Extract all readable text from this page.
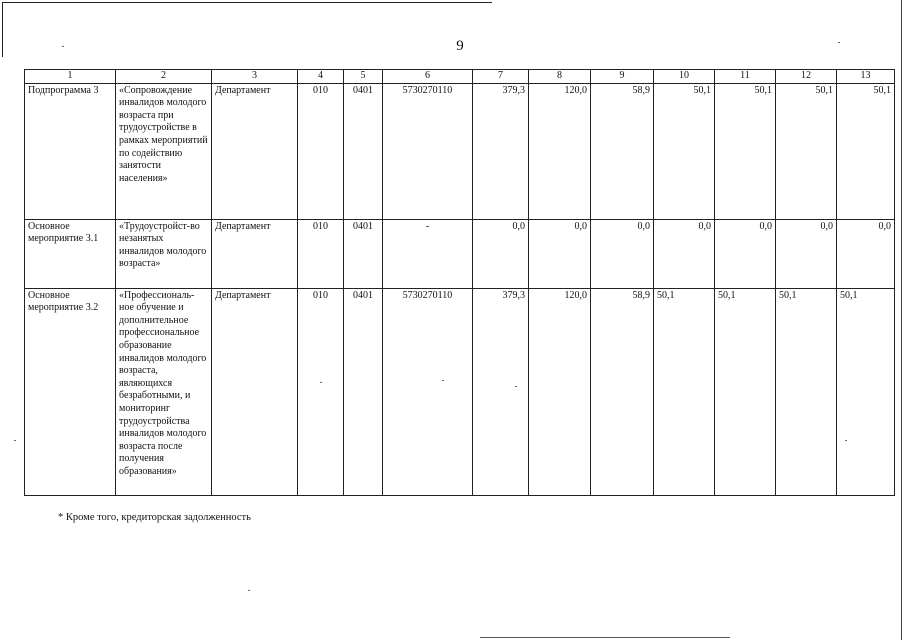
9
1	2	3	4	5	6	7	8	9	10	11	12	13
Подпрограмма 3	«Сопровождение инвалидов молодого возраста при трудоустройстве в рамках мероприятий по содействию занятости населения»	Департамент	010	0401	5730270110	379,3	120,0	58,9	50,1	50,1	50,1	50,1
Основное мероприятие 3.1	«Трудоустройст-во незанятых инвалидов молодого возраста»	Департамент	010	0401	-	0,0	0,0	0,0	0,0	0,0	0,0	0,0
Основное мероприятие 3.2	«Профессиональ-ное обучение и дополнительное профессиональное образование инвалидов молодого возраста, являющихся безработными, и мониторинг трудоустройства инвалидов молодого возраста после получения образования»	Департамент	010	0401	5730270110	379,3	120,0	58,9	50,1	50,1	50,1	50,1
* Кроме того, кредиторская задолженность
